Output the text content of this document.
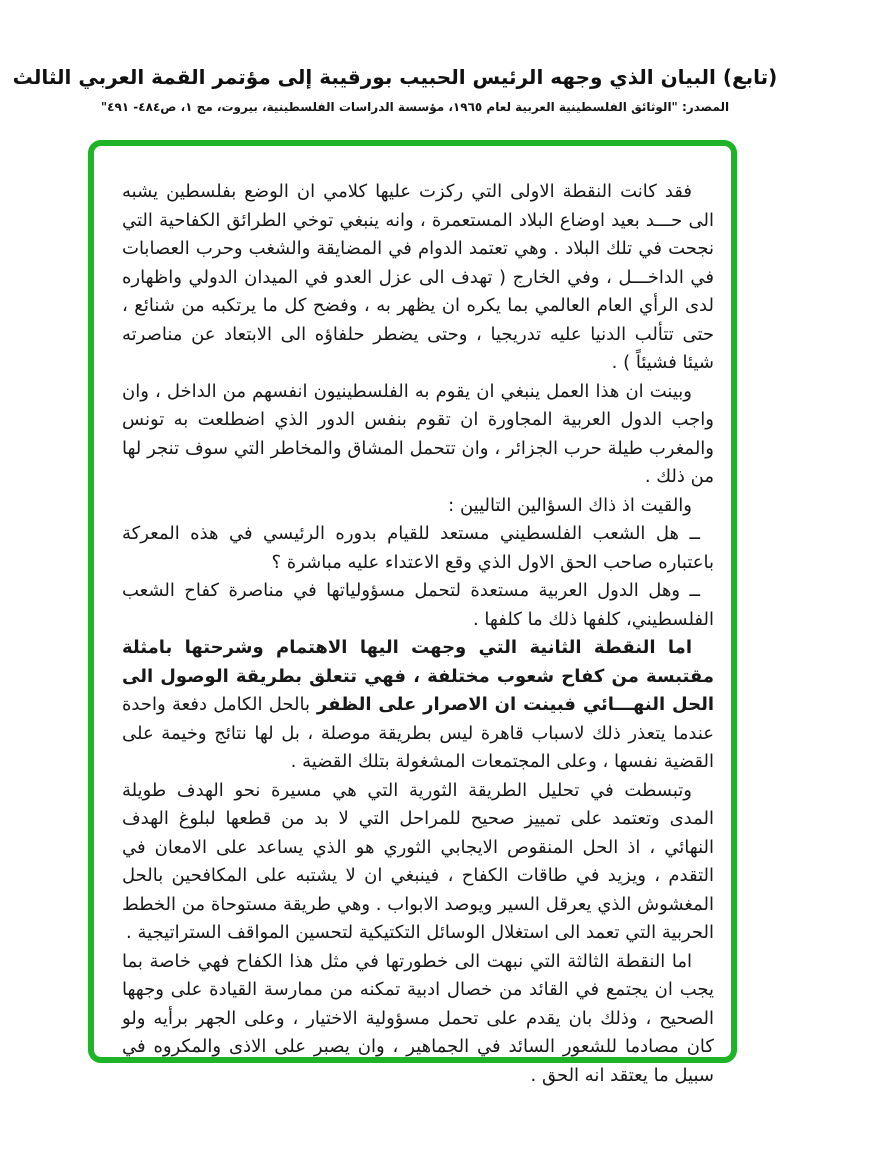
(تابع) البيان الذي وجهه الرئيس الحبيب بورقيبة إلى مؤتمر القمة العربي الثالث
المصدر: "الوثائق الفلسطينية العربية لعام ١٩٦٥، مؤسسة الدراسات الفلسطينية، بيروت، مج ١، ص٤٨٤- ٤٩١"

فقد كانت النقطة الاولى التي ركزت عليها كلامي ان الوضع بفلسطين يشبه الى حـــد بعيد اوضاع البلاد المستعمرة ، وانه ينبغي توخي الطرائق الكفاحية التي نجحت في تلك البلاد . وهي تعتمد الدوام في المضايقة والشغب وحرب العصابات في الداخـــل ، وفي الخارج ( تهدف الى عزل العدو في الميدان الدولي واظهاره لدى الرأي العام العالمي بما يكره ان يظهر به ، وفضح كل ما يرتكبه من شنائع ، حتى تتألب الدنيا عليه تدريجيا ، وحتى يضطر حلفاؤه الى الابتعاد عن مناصرته شيئا فشيئاً ) .

وبينت ان هذا العمل ينبغي ان يقوم به الفلسطينيون انفسهم من الداخل ، وان واجب الدول العربية المجاورة ان تقوم بنفس الدور الذي اضطلعت به تونس والمغرب طيلة حرب الجزائر ، وان تتحمل المشاق والمخاطر التي سوف تنجر لها من ذلك .

والقيت اذ ذاك السؤالين التاليين :

ــ هل الشعب الفلسطيني مستعد للقيام بدوره الرئيسي في هذه المعركة باعتباره صاحب الحق الاول الذي وقع الاعتداء عليه مباشرة ؟

ــ وهل الدول العربية مستعدة لتحمل مسؤولياتها في مناصرة كفاح الشعب الفلسطيني، كلفها ذلك ما كلفها .

اما النقطة الثانية التي وجهت اليها الاهتمام وشرحتها بامثلة مقتبسة من كفاح شعوب مختلفة ، فهي تتعلق بطريقة الوصول الى الحل النهـــائي فبينت ان الاصرار على الظفر بالحل الكامل دفعة واحدة عندما يتعذر ذلك لاسباب قاهرة ليس بطريقة موصلة ، بل لها نتائج وخيمة على القضية نفسها ، وعلى المجتمعات المشغولة بتلك القضية .

وتبسطت في تحليل الطريقة الثورية التي هي مسيرة نحو الهدف طويلة المدى وتعتمد على تمييز صحيح للمراحل التي لا بد من قطعها لبلوغ الهدف النهائي ، اذ الحل المنقوص الايجابي الثوري هو الذي يساعد على الامعان في التقدم ، ويزيد في طاقات الكفاح ، فينبغي ان لا يشتبه على المكافحين بالحل المغشوش الذي يعرقل السير ويوصد الابواب . وهي طريقة مستوحاة من الخطط الحربية التي تعمد الى استغلال الوسائل التكتيكية لتحسين المواقف الستراتيجية .

اما النقطة الثالثة التي نبهت الى خطورتها في مثل هذا الكفاح فهي خاصة بما يجب ان يجتمع في القائد من خصال ادبية تمكنه من ممارسة القيادة على وجهها الصحيح ، وذلك بان يقدم على تحمل مسؤولية الاختيار ، وعلى الجهر برأيه ولو كان مصادما للشعور السائد في الجماهير ، وان يصبر على الاذى والمكروه في سبيل ما يعتقد انه الحق .
